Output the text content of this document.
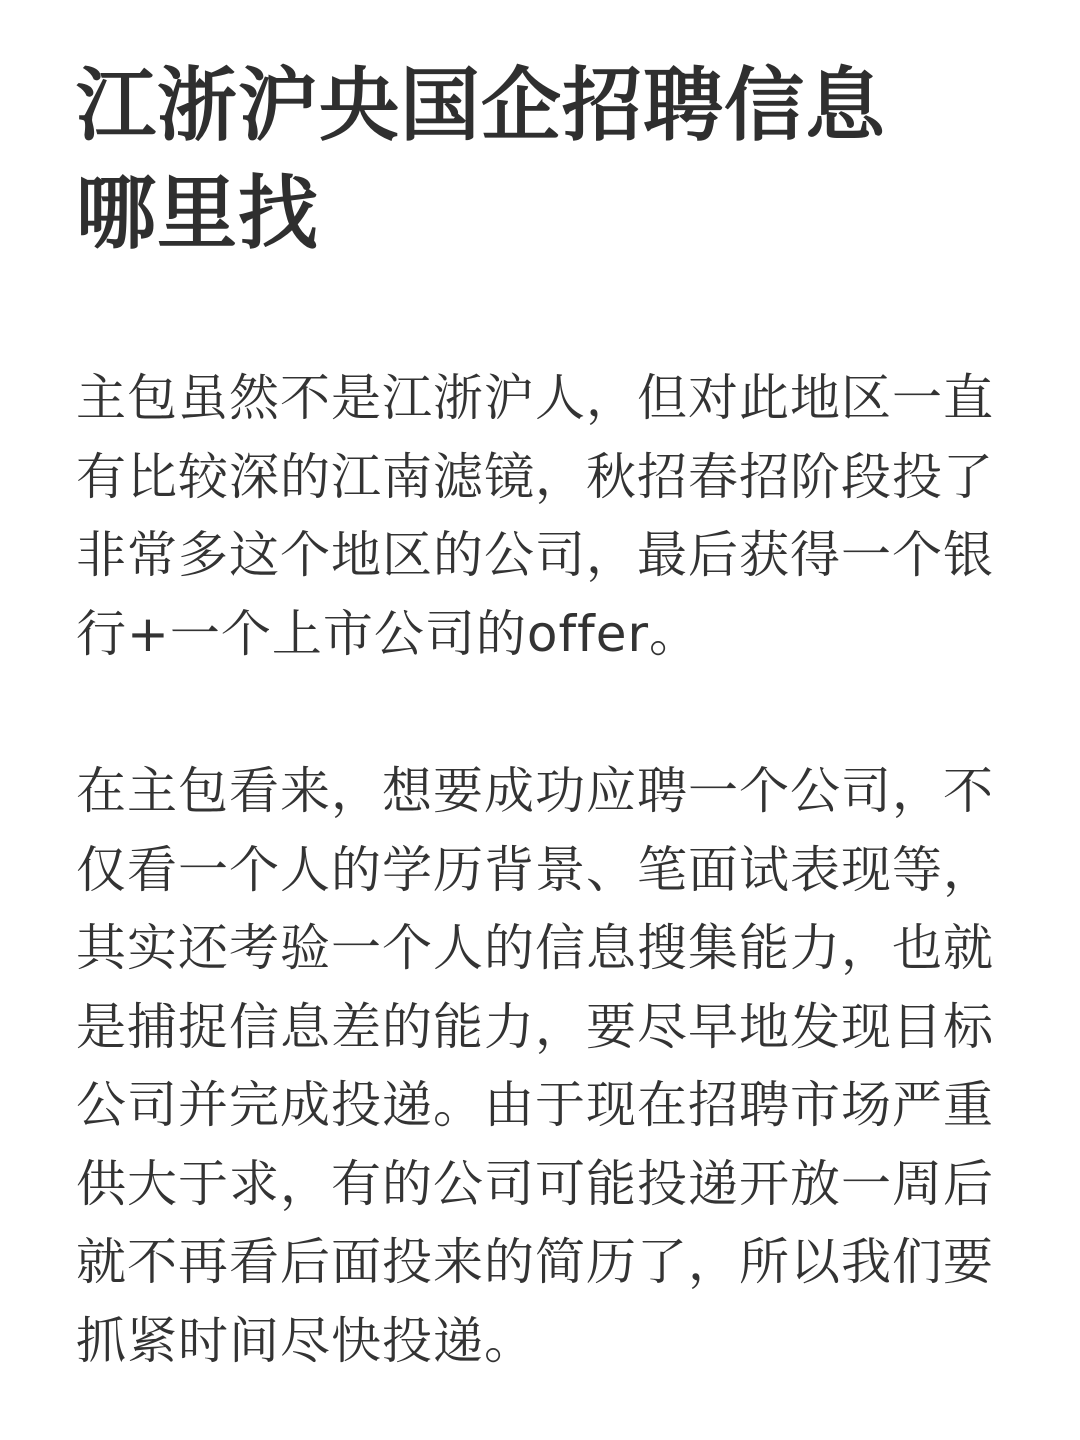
江浙沪央国企招聘信息
哪里找

主包虽然不是江浙沪人，但对此地区一直
有比较深的江南滤镜，秋招春招阶段投了
非常多这个地区的公司，最后获得一个银
行+一个上市公司的offer。

在主包看来，想要成功应聘一个公司，不
仅看一个人的学历背景、笔面试表现等，
其实还考验一个人的信息搜集能力，也就
是捕捉信息差的能力，要尽早地发现目标
公司并完成投递。由于现在招聘市场严重
供大于求，有的公司可能投递开放一周后
就不再看后面投来的简历了，所以我们要
抓紧时间尽快投递。
